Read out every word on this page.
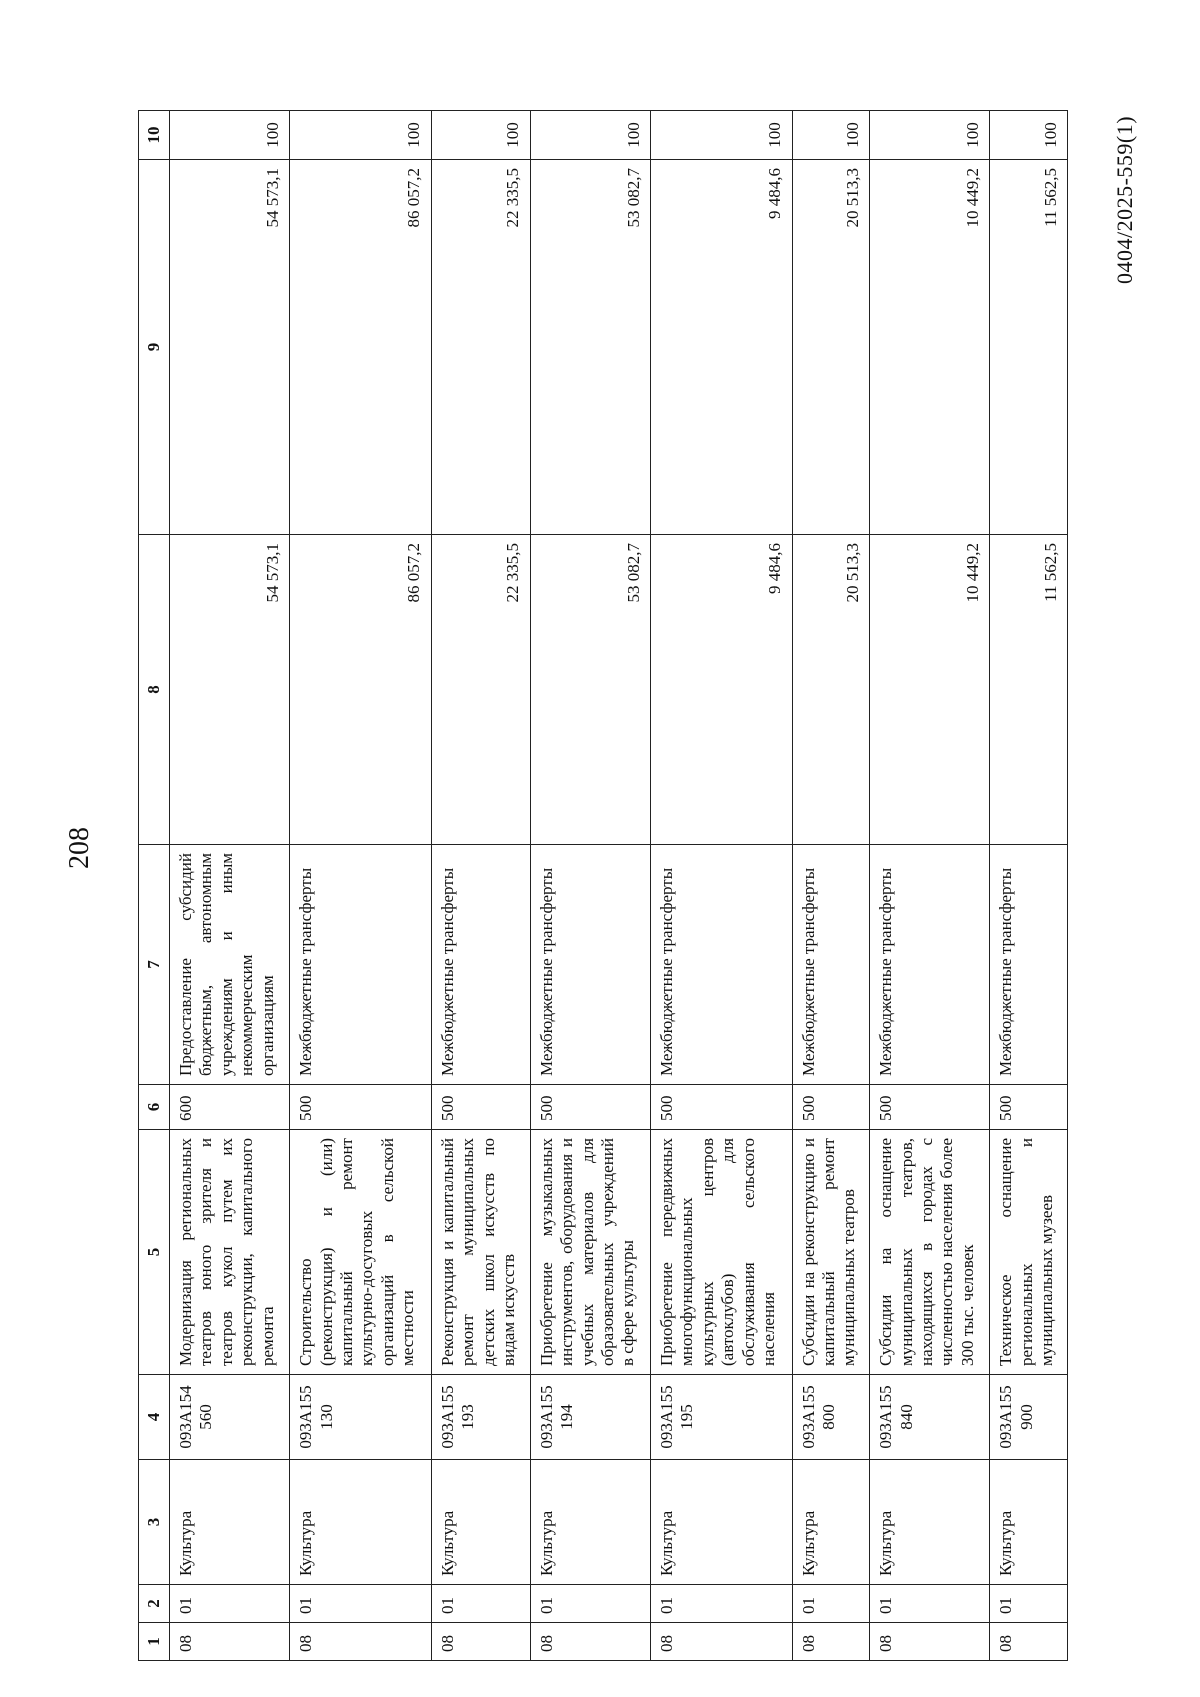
208
0404/2025-559(1)
1	2	3	4	5	6	7	8	9	10
08	01	Культура	093А154 560	Модернизация региональных театров юного зрителя и театров кукол путем их реконструкции, капитального ремонта	600	Предоставление субсидий бюджетным, автономным учреждениям и иным некоммерческим организациям	54 573,1	54 573,1	100
08	01	Культура	093А155 130	Строительство (реконструкция) и (или) капитальный ремонт культурно-досуговых организаций в сельской местности	500	Межбюджетные трансферты	86 057,2	86 057,2	100
08	01	Культура	093А155 193	Реконструкция и капитальный ремонт муниципальных детских школ искусств по видам искусств	500	Межбюджетные трансферты	22 335,5	22 335,5	100
08	01	Культура	093А155 194	Приобретение музыкальных инструментов, оборудования и учебных материалов для образовательных учреждений в сфере культуры	500	Межбюджетные трансферты	53 082,7	53 082,7	100
08	01	Культура	093А155 195	Приобретение передвижных многофункциональных культурных центров (автоклубов) для обслуживания сельского населения	500	Межбюджетные трансферты	9 484,6	9 484,6	100
08	01	Культура	093А155 800	Субсидии на реконструкцию и капитальный ремонт муниципальных театров	500	Межбюджетные трансферты	20 513,3	20 513,3	100
08	01	Культура	093А155 840	Субсидии на оснащение муниципальных театров, находящихся в городах с численностью населения более 300 тыс. человек	500	Межбюджетные трансферты	10 449,2	10 449,2	100
08	01	Культура	093А155 900	Техническое оснащение региональных и муниципальных музеев	500	Межбюджетные трансферты	11 562,5	11 562,5	100
